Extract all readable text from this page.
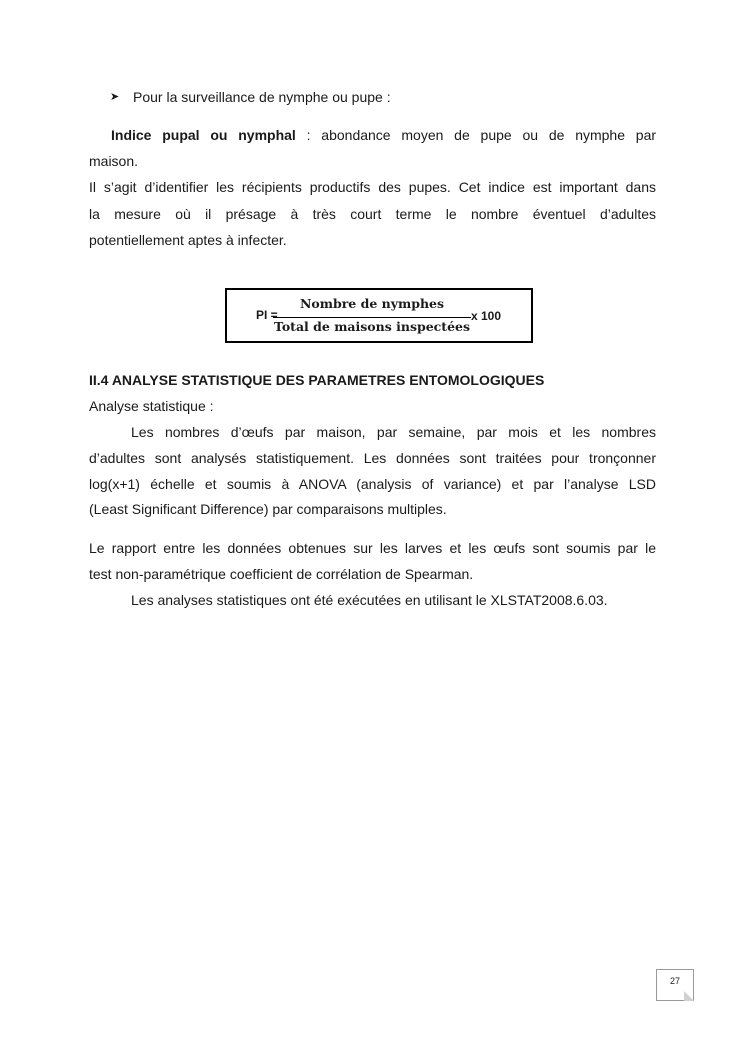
➤ Pour la surveillance de nymphe ou pupe :
Indice pupal ou nymphal : abondance moyen de pupe ou de nymphe par
maison.
Il s’agit d’identifier les récipients productifs des pupes. Cet indice est important dans
la mesure où il présage à très court terme le nombre éventuel d’adultes
potentiellement aptes à infecter.
PI =
Nombre de nymphes
Total de maisons inspectées
x 100
II.4 ANALYSE STATISTIQUE DES PARAMETRES ENTOMOLOGIQUES
Analyse statistique :
Les nombres d’œufs par maison, par semaine, par mois et les nombres
d’adultes sont analysés statistiquement. Les données sont traitées pour tronçonner
log(x+1) échelle et soumis à ANOVA (analysis of variance) et par l’analyse LSD
(Least Significant Difference) par comparaisons multiples.
Le rapport entre les données obtenues sur les larves et les œufs sont soumis par le
test non-paramétrique coefficient de corrélation de Spearman.
Les analyses statistiques ont été exécutées en utilisant le XLSTAT2008.6.03.
27
